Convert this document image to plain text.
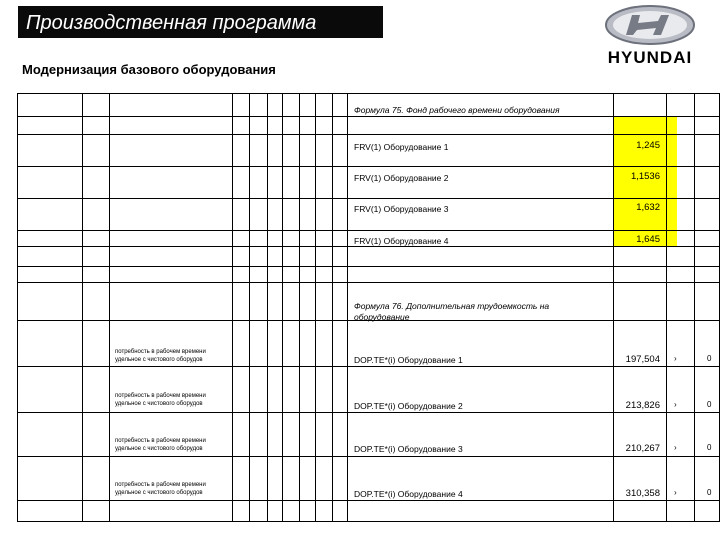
Производственная программа
HYUNDAI
Модернизация базового оборудования
Формула 75. Фонд рабочего времени оборудования
FRV(1) Оборудование 1	1,245
FRV(1) Оборудование 2	1,1536
FRV(1) Оборудование 3	1,632
FRV(1) Оборудование 4	1,645
Формула 76. Дополнительная трудоемкость на
оборудование
потребность в рабочем времени
удельное с чистового оборудов	DOP.TE*(i) Оборудование 1	197,504 ›	0
потребность в рабочем времени
удельное с чистового оборудов	DOP.TE*(i) Оборудование 2	213,826 ›	0
потребность в рабочем времени
удельное с чистового оборудов	DOP.TE*(i) Оборудование 3	210,267 ›	0
потребность в рабочем времени
удельное с чистового оборудов	DOP.TE*(i) Оборудование 4	310,358 ›	0
